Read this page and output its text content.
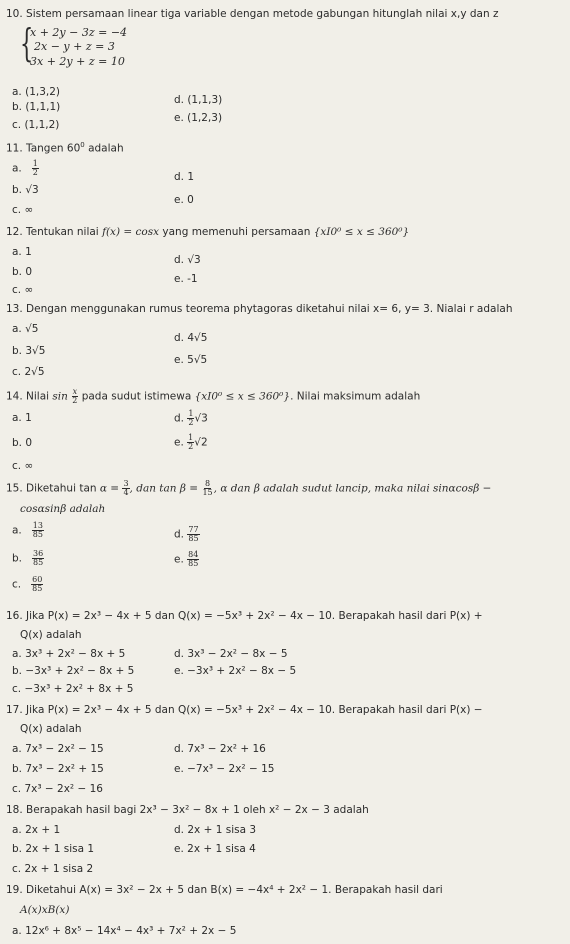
10. Sistem persamaan linear tiga variable dengan metode gabungan hitunglah nilai x,y dan z
{
x + 2y − 3z = −4
2x − y + z = 3
3x + 2y + z = 10
a. (1,3,2)
b. (1,1,1)
c. (1,1,2)
d. (1,1,3)
e. (1,2,3)
11. Tangen $60^0$ adalah
a. $\frac{1}{2}$
b. √3
c. ∞
d. 1
e. 0
12. Tentukan nilai f(x) = cosx yang memenuhi persamaan {xI0⁰ ≤ x ≤ 360⁰}
a. 1
b. 0
c. ∞
d. √3
e. -1
13. Dengan menggunakan rumus teorema phytagoras diketahui nilai x= 6, y= 3. Nialai r adalah
a. √5
b. 3√5
c. 2√5
d. 4√5
e. 5√5
14. Nilai $\sin \frac{x}{2}$ pada sudut istimewa {xI0⁰ ≤ x ≤ 360⁰}. Nilai maksimum adalah
a. 1
b. 0
c. ∞
d. $\frac{1}{2} √3$
e. $\frac{1}{2} √2$
15. Diketahui $\tan \alpha = \frac{3}{4}$ , dan $\tan \beta = \frac{8}{15}$ , α dan β adalah sudut lancip, maka nilai sinαcosβ −
cosαsinβ adalah
a. $\frac{13}{85}$
b. $\frac{36}{85}$
c. $\frac{60}{85}$
d. $\frac{77}{85}$
e. $\frac{84}{85}$
16. Jika P(x) = 2x³ − 4x + 5 dan Q(x) = −5x³ + 2x² − 4x − 10. Berapakah hasil dari P(x) +
Q(x) adalah
a. 3x³ + 2x² − 8x + 5
b. −3x³ + 2x² − 8x + 5
c. −3x³ + 2x² + 8x + 5
d. 3x³ − 2x² − 8x − 5
e. −3x³ + 2x² − 8x − 5
17. Jika P(x) = 2x³ − 4x + 5 dan Q(x) = −5x³ + 2x² − 4x − 10. Berapakah hasil dari P(x) −
Q(x) adalah
a. 7x³ − 2x² − 15
b. 7x³ − 2x² + 15
c. 7x³ − 2x² − 16
d. 7x³ − 2x² + 16
e. −7x³ − 2x² − 15
18. Berapakah hasil bagi 2x³ − 3x² − 8x + 1 oleh x² − 2x − 3 adalah
a. 2x + 1
b. 2x + 1 sisa 1
c. 2x + 1 sisa 2
d. 2x + 1 sisa 3
e. 2x + 1 sisa 4
19. Diketahui A(x) = 3x² − 2x + 5 dan B(x) = −4x⁴ + 2x² − 1. Berapakah hasil dari
A(x)xB(x)
a. 12x⁶ + 8x⁵ − 14x⁴ − 4x³ + 7x² + 2x − 5
